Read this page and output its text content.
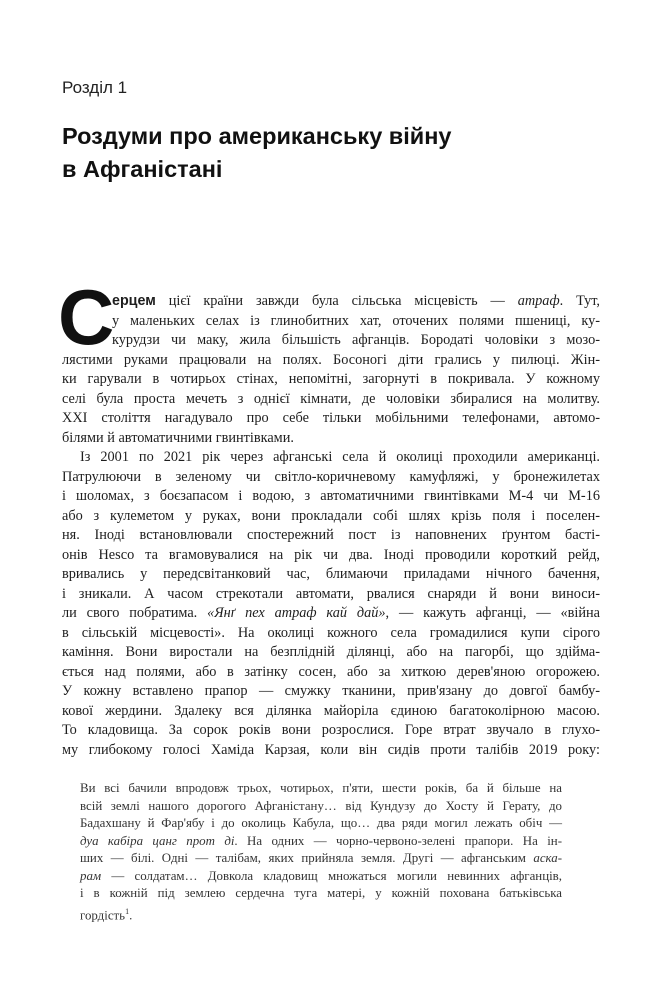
Розділ 1
Роздуми про американську війну
в Афганістані
С
ерцем цієї країни завжди була сільська місцевість — атраф. Тут,
у маленьких селах із глинобитних хат, оточених полями пшениці, ку-
курудзи чи маку, жила більшість афганців. Бородаті чоловіки з мозо-
лястими руками працювали на полях. Босоногі діти грались у пилюці. Жін-
ки гарували в чотирьох стінах, непомітні, загорнуті в покривала. У кожному
селі була проста мечеть з однієї кімнати, де чоловіки збиралися на молитву.
XXI століття нагадувало про себе тільки мобільними телефонами, автомо-
білями й автоматичними гвинтівками.
Із 2001 по 2021 рік через афганські села й околиці проходили американці.
Патрулюючи в зеленому чи світло-коричневому камуфляжі, у бронежилетах
і шоломах, з боєзапасом і водою, з автоматичними гвинтівками М-4 чи М-16
або з кулеметом у руках, вони прокладали собі шлях крізь поля і поселен-
ня. Іноді встановлювали спостережний пост із наповнених ґрунтом басті-
онів Hesco та вгамовувалися на рік чи два. Іноді проводили короткий рейд,
вривались у передсвітанковий час, блимаючи приладами нічного бачення,
і зникали. А часом стрекотали автомати, рвалися снаряди й вони виноси-
ли свого побратима. «Янґ пех атраф кай дай», — кажуть афганці, — «війна
в сільській місцевості». На околиці кожного села громадилися купи сірого
каміння. Вони виростали на безплідній ділянці, або на пагорбі, що здійма-
ється над полями, або в затінку сосен, або за хиткою дерев'яною огорожею.
У кожну вставлено прапор — смужку тканини, прив'язану до довгої бамбу-
кової жердини. Здалеку вся ділянка майоріла єдиною багатоколірною масою.
То кладовища. За сорок років вони розрослися. Горе втрат звучало в глухо-
му глибокому голосі Хаміда Карзая, коли він сидів проти талібів 2019 року:
Ви всі бачили впродовж трьох, чотирьох, п'яти, шести років, ба й більше на
всій землі нашого дорогого Афганістану… від Кундузу до Хосту й Герату, до
Бадахшану й Фар'ябу і до околиць Кабула, що… два ряди могил лежать обіч —
дуа кабіра цанг прот ді. На одних — чорно-червоно-зелені прапори. На ін-
ших — білі. Одні — талібам, яких прийняла земля. Другі — афганським аска-
рам — солдатам… Довкола кладовищ множаться могили невинних афганців,
і в кожній під землею сердечна туга матері, у кожній похована батьківська
гордість$^1$.
